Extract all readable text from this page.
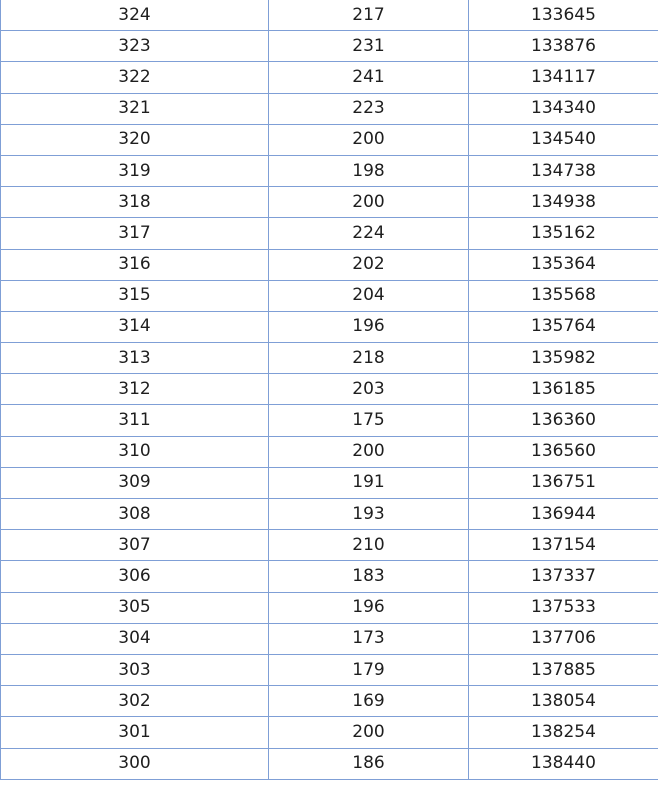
324	217	133645
323	231	133876
322	241	134117
321	223	134340
320	200	134540
319	198	134738
318	200	134938
317	224	135162
316	202	135364
315	204	135568
314	196	135764
313	218	135982
312	203	136185
311	175	136360
310	200	136560
309	191	136751
308	193	136944
307	210	137154
306	183	137337
305	196	137533
304	173	137706
303	179	137885
302	169	138054
301	200	138254
300	186	138440
